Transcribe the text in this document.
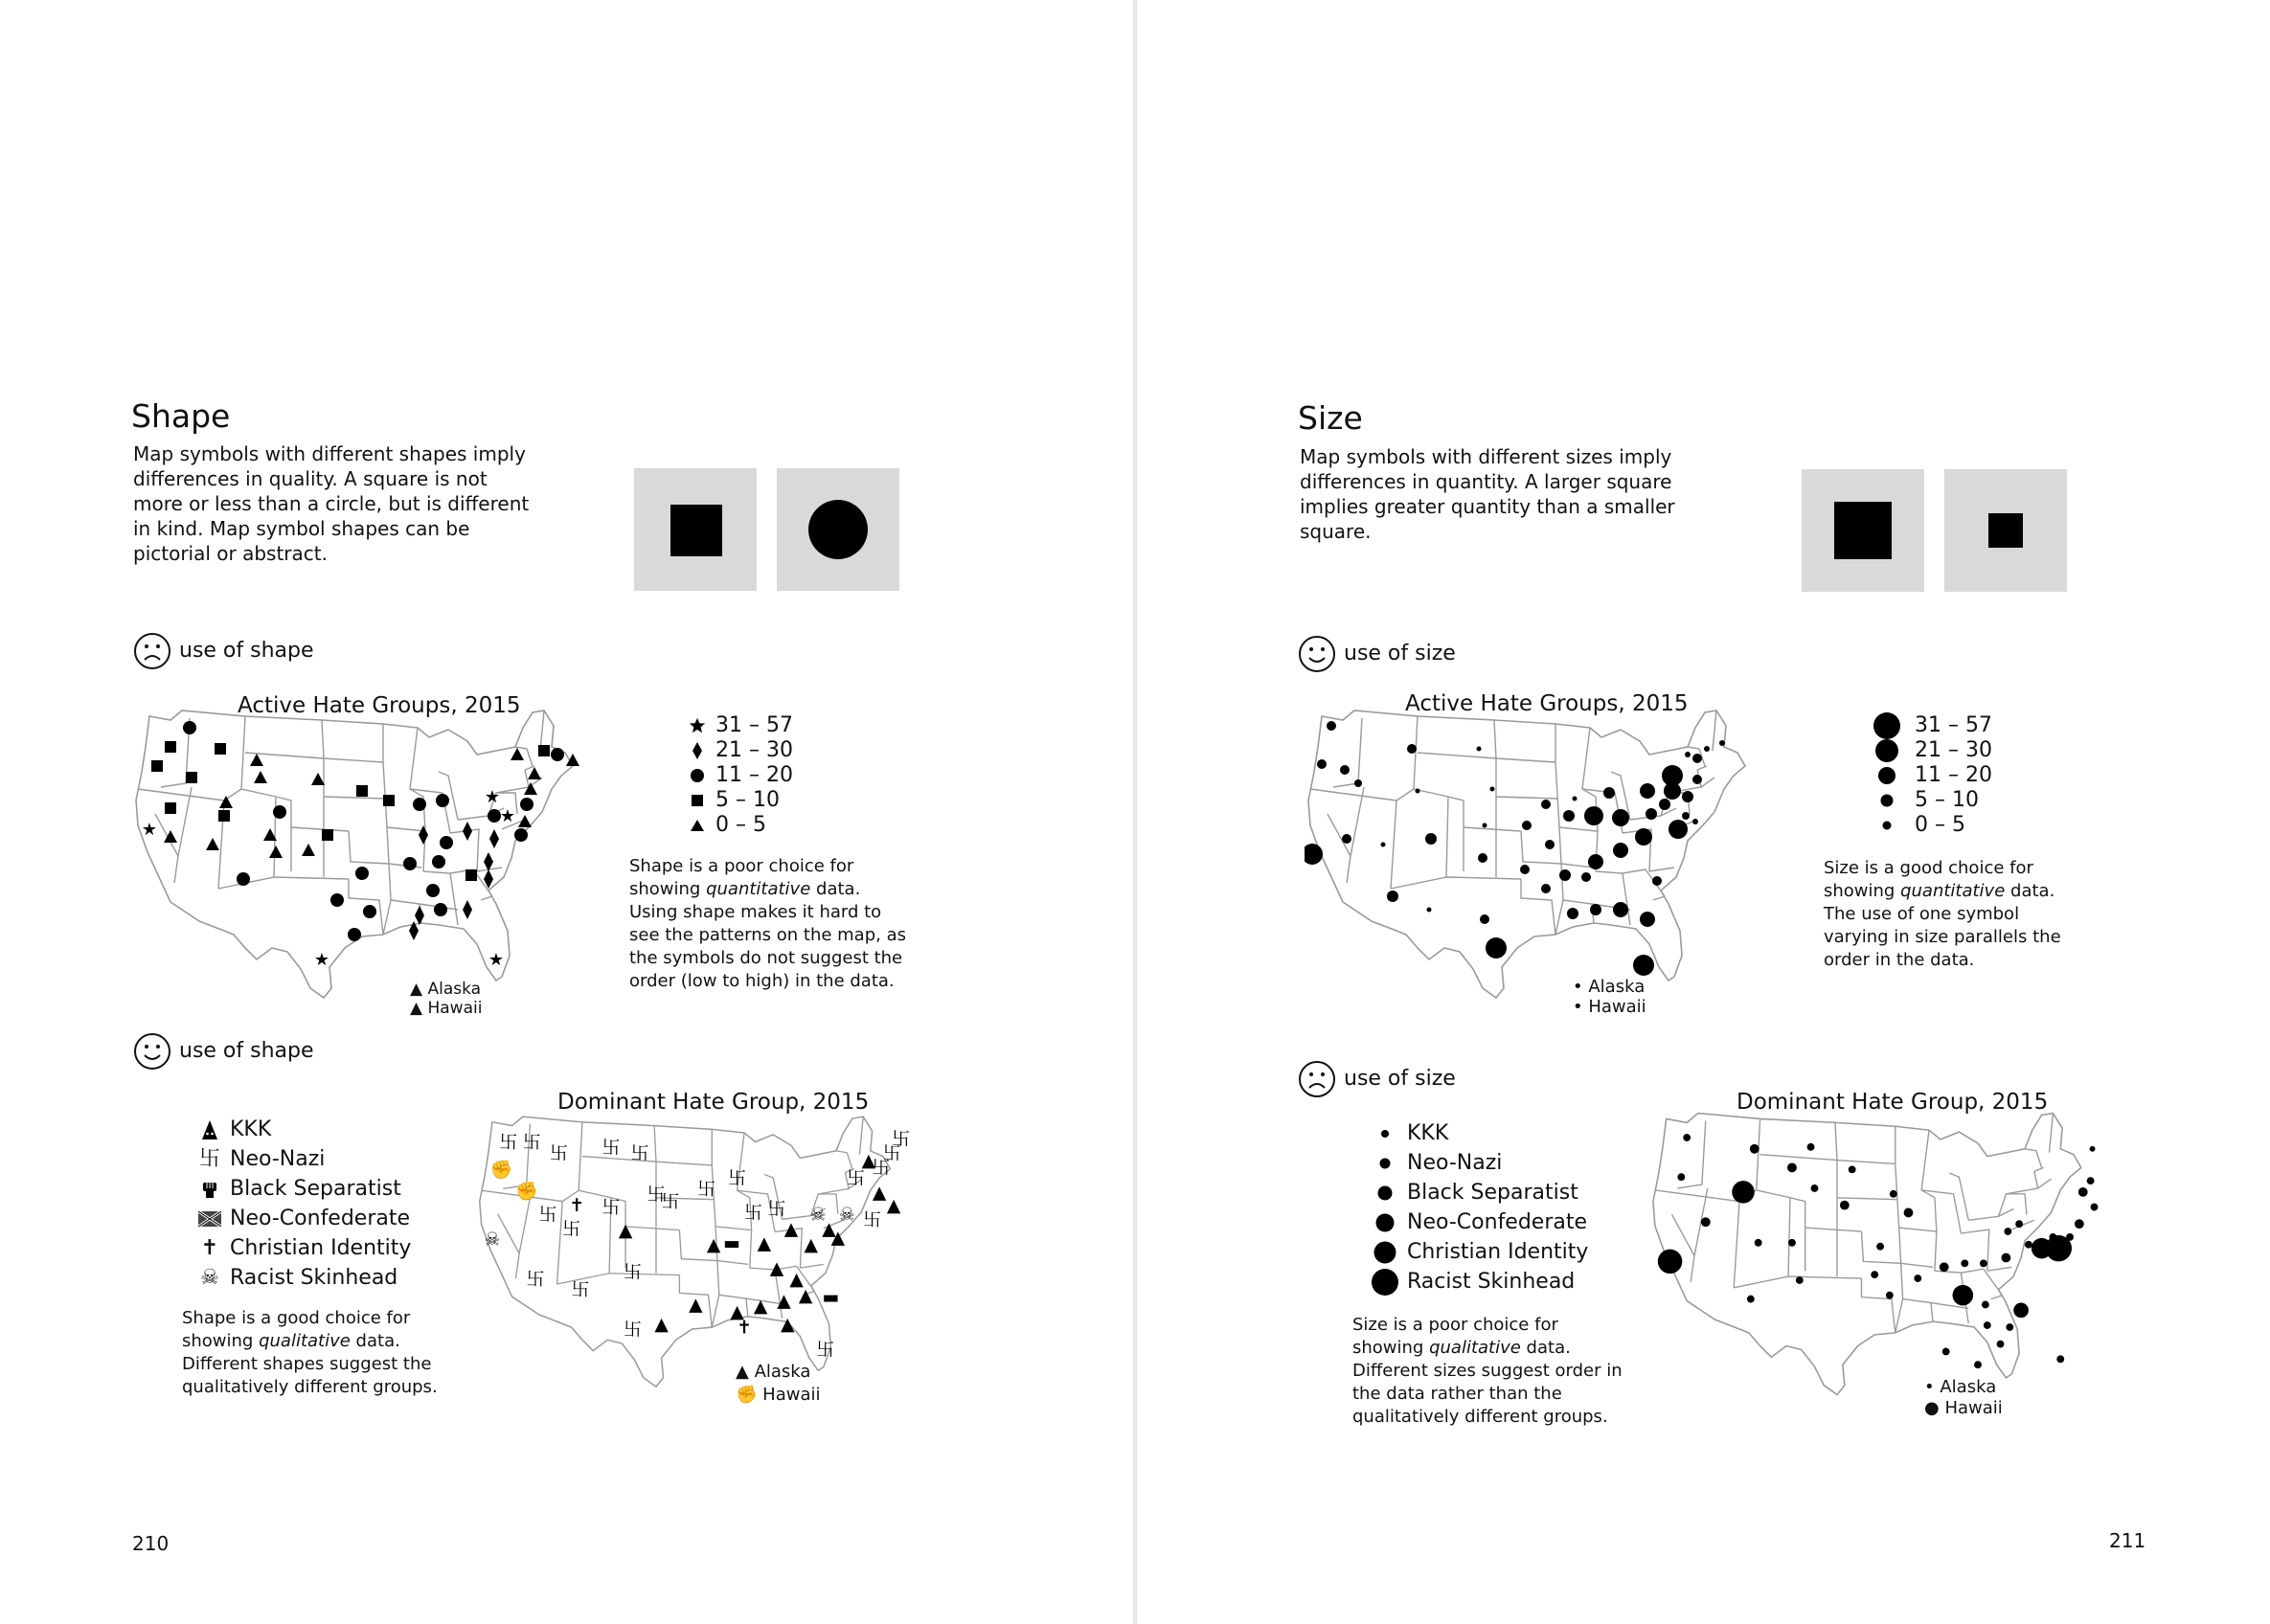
Shape
Map symbols with different shapes imply differences in quality. A square is not more or less than a circle, but is different in kind. Map symbol shapes can be pictorial or abstract.
use of shape
Active Hate Groups, 2015
★
★
★
★
★
▲ Alaska
▲ Hawaii
31 – 57
21 – 30
11 – 20
5 – 10
0 – 5
Shape is a poor choice for showing quantitative data. Using shape makes it hard to see the patterns on the map, as the symbols do not suggest the order (low to high) in the data.
use of shape
KKK
卐 Neo-Nazi
Black Separatist
Neo-Confederate
✝ Christian Identity
☠ Racist Skinhead
Shape is a good choice for showing qualitative data. Different shapes suggest the qualitatively different groups.
Dominant Hate Group, 2015
卐
✊
卐
卐 卐 卐
✊
卐 ✝
卐
卐
卐
☠	▲
卐
卐
卐
卐 卐
▲ ▬ ▲
▲
▲
▲
☠ ☠
▲
▲
▲
卐
卐
卐
▲ ▲ ▲ ▲ ▲ ▬
▲
✝
▲
卐
卐
▲
卐
卐
▲
▲
卐
卐
卐
▲ Alaska
✊ Hawaii
210
Size
Map symbols with different sizes imply differences in quantity. A larger square implies greater quantity than a smaller square.
use of size
Active Hate Groups, 2015
• Alaska
• Hawaii
31 – 57
21 – 30
11 – 20
5 – 10
0 – 5
Size is a good choice for showing quantitative data. The use of one symbol varying in size parallels the order in the data.
use of size
KKK
Neo-Nazi
Black Separatist
Neo-Confederate
Christian Identity
Racist Skinhead
Size is a poor choice for showing qualitative data. Different sizes suggest order in the data rather than the qualitatively different groups.
Dominant Hate Group, 2015
• Alaska
● Hawaii
211
